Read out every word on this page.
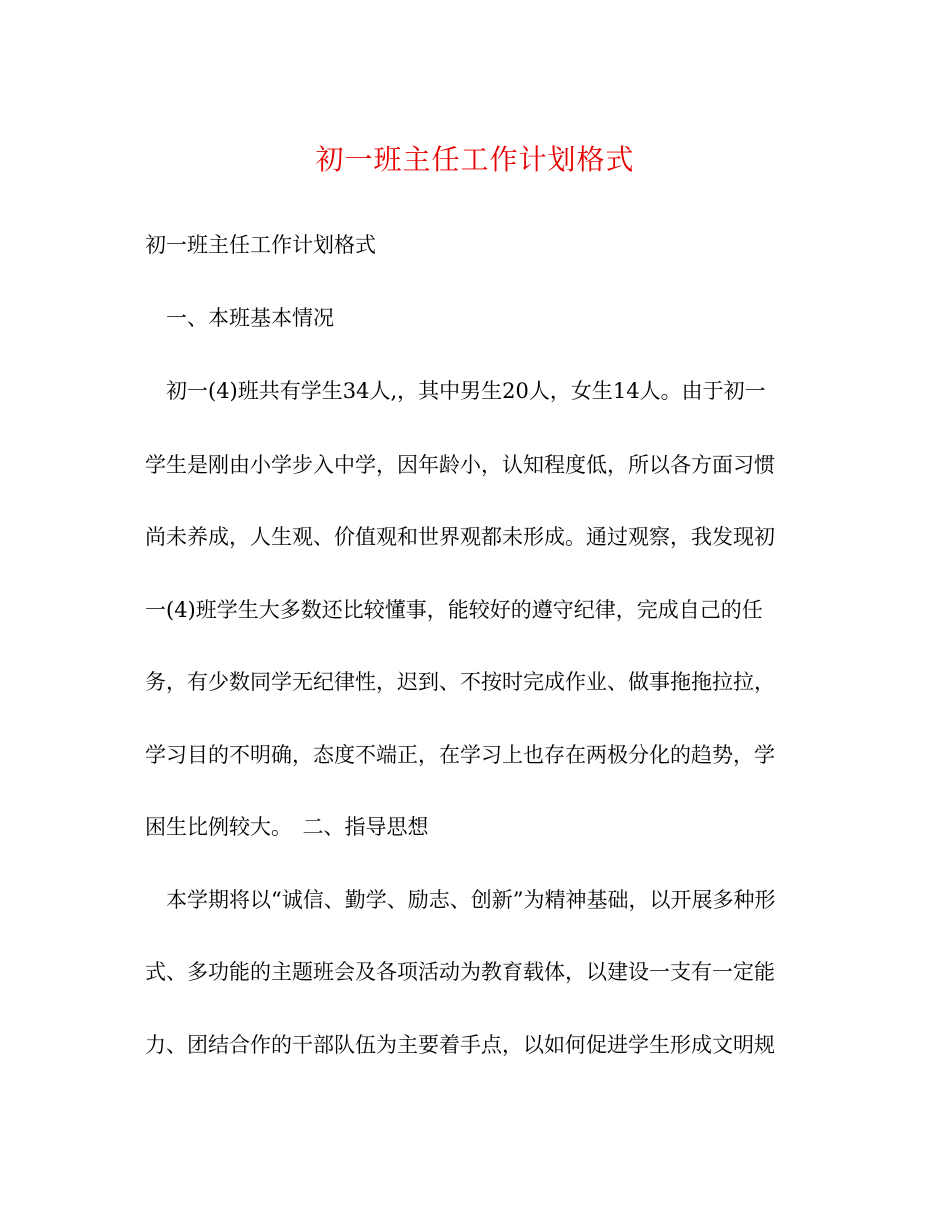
初一班主任工作计划格式
初一班主任工作计划格式
　一、本班基本情况
　初一(4)班共有学生34人,，其中男生20人，女生14人。由于初一
学生是刚由小学步入中学，因年龄小，认知程度低，所以各方面习惯
尚未养成，人生观、价值观和世界观都未形成。通过观察，我发现初
一(4)班学生大多数还比较懂事，能较好的遵守纪律，完成自己的任
务，有少数同学无纪律性，迟到、不按时完成作业、做事拖拖拉拉，
学习目的不明确，态度不端正，在学习上也存在两极分化的趋势，学
困生比例较大。　二、指导思想
　本学期将以“诚信、勤学、励志、创新”为精神基础，以开展多种形
式、多功能的主题班会及各项活动为教育载体，以建设一支有一定能
力、团结合作的干部队伍为主要着手点，以如何促进学生形成文明规
